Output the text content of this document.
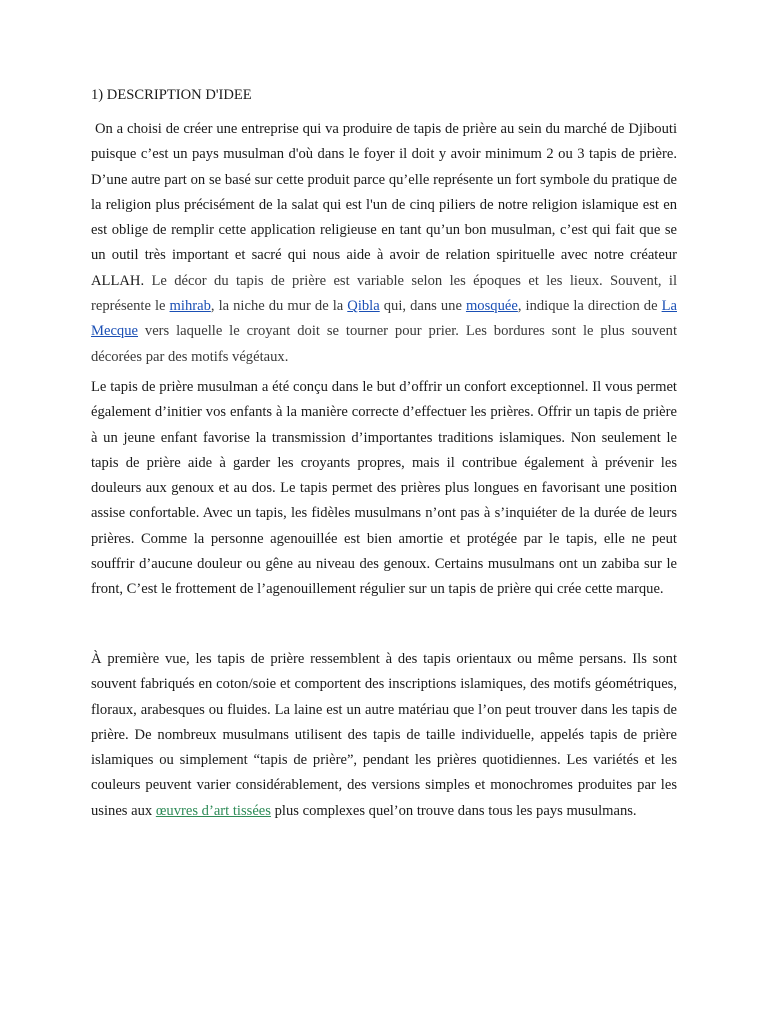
1) DESCRIPTION D'IDEE

On a choisi de créer une entreprise qui va produire de tapis de prière au sein du marché de Djibouti puisque c’est un pays musulman d'où dans le foyer il doit y avoir minimum 2 ou 3 tapis de prière. D’une autre part on se basé sur cette produit parce qu’elle représente un fort symbole du pratique de la religion plus précisément de la salat qui est l'un de cinq piliers de notre religion islamique est en est oblige de remplir cette application religieuse en tant qu’un bon musulman, c’est qui fait que se un outil très important et sacré qui nous aide à avoir de relation spirituelle avec notre créateur ALLAH. Le décor du tapis de prière est variable selon les époques et les lieux. Souvent, il représente le mihrab, la niche du mur de la Qibla qui, dans une mosquée, indique la direction de La Mecque vers laquelle le croyant doit se tourner pour prier. Les bordures sont le plus souvent décorées par des motifs végétaux.

Le tapis de prière musulman a été conçu dans le but d’offrir un confort exceptionnel. Il vous permet également d’initier vos enfants à la manière correcte d’effectuer les prières. Offrir un tapis de prière à un jeune enfant favorise la transmission d’importantes traditions islamiques. Non seulement le tapis de prière aide à garder les croyants propres, mais il contribue également à prévenir les douleurs aux genoux et au dos. Le tapis permet des prières plus longues en favorisant une position assise confortable. Avec un tapis, les fidèles musulmans n’ont pas à s’inquiéter de la durée de leurs prières. Comme la personne agenouillée est bien amortie et protégée par le tapis, elle ne peut souffrir d’aucune douleur ou gêne au niveau des genoux. Certains musulmans ont un zabiba sur le front, C’est le frottement de l’agenouillement régulier sur un tapis de prière qui crée cette marque.

À première vue, les tapis de prière ressemblent à des tapis orientaux ou même persans. Ils sont souvent fabriqués en coton/soie et comportent des inscriptions islamiques, des motifs géométriques, floraux, arabesques ou fluides. La laine est un autre matériau que l’on peut trouver dans les tapis de prière. De nombreux musulmans utilisent des tapis de taille individuelle, appelés tapis de prière islamiques ou simplement “tapis de prière”, pendant les prières quotidiennes. Les variétés et les couleurs peuvent varier considérablement, des versions simples et monochromes produites par les usines aux œuvres d’art tissées plus complexes quel’on trouve dans tous les pays musulmans.
